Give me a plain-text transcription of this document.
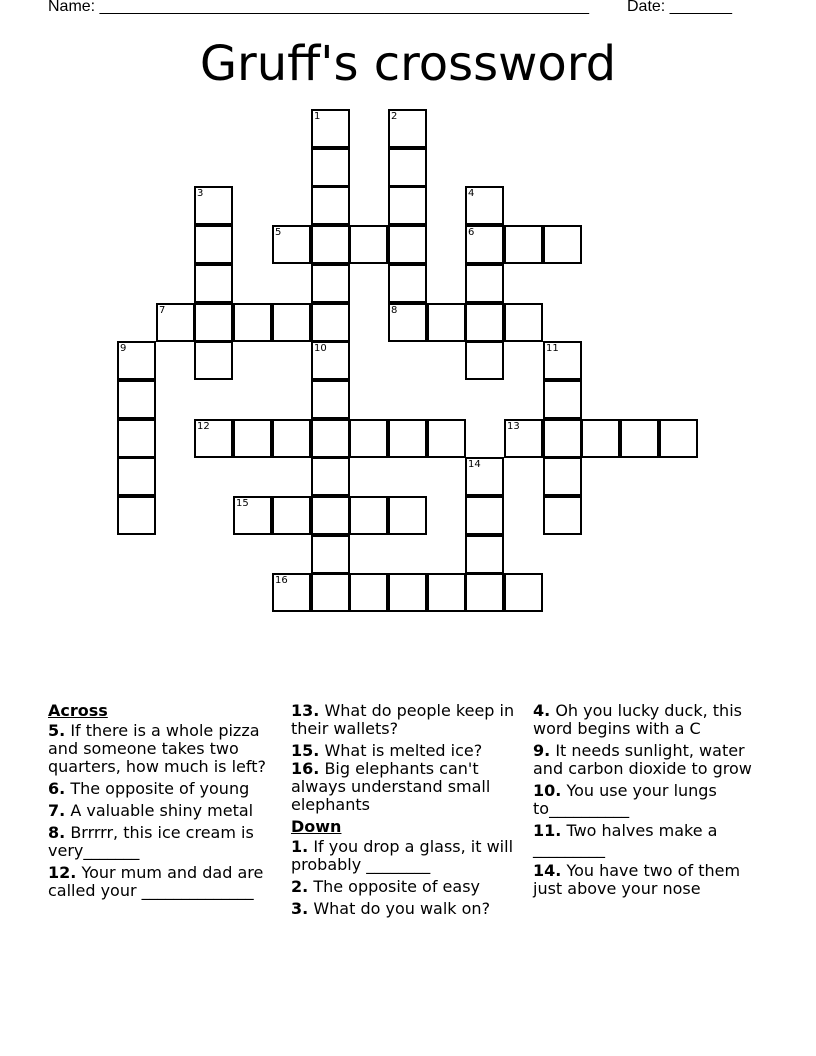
Name: _______________________________________________________ Date: _______
Gruff's crossword
1	2
3	4
6
5
7	8
9	10	11
12	13
14
15
16
Across
5. If there is a whole pizza and someone takes two quarters, how much is left?
6. The opposite of young
7. A valuable shiny metal
8. Brrrrr, this ice cream is very_______
12. Your mum and dad are called your ______________
13. What do people keep in their wallets?
15. What is melted ice?
16. Big elephants can't always understand small elephants
Down
1. If you drop a glass, it will probably ________
2. The opposite of easy
3. What do you walk on?
4. Oh you lucky duck, this word begins with a C
9. It needs sunlight, water and carbon dioxide to grow
10. You use your lungs to__________
11. Two halves make a _________
14. You have two of them just above your nose
